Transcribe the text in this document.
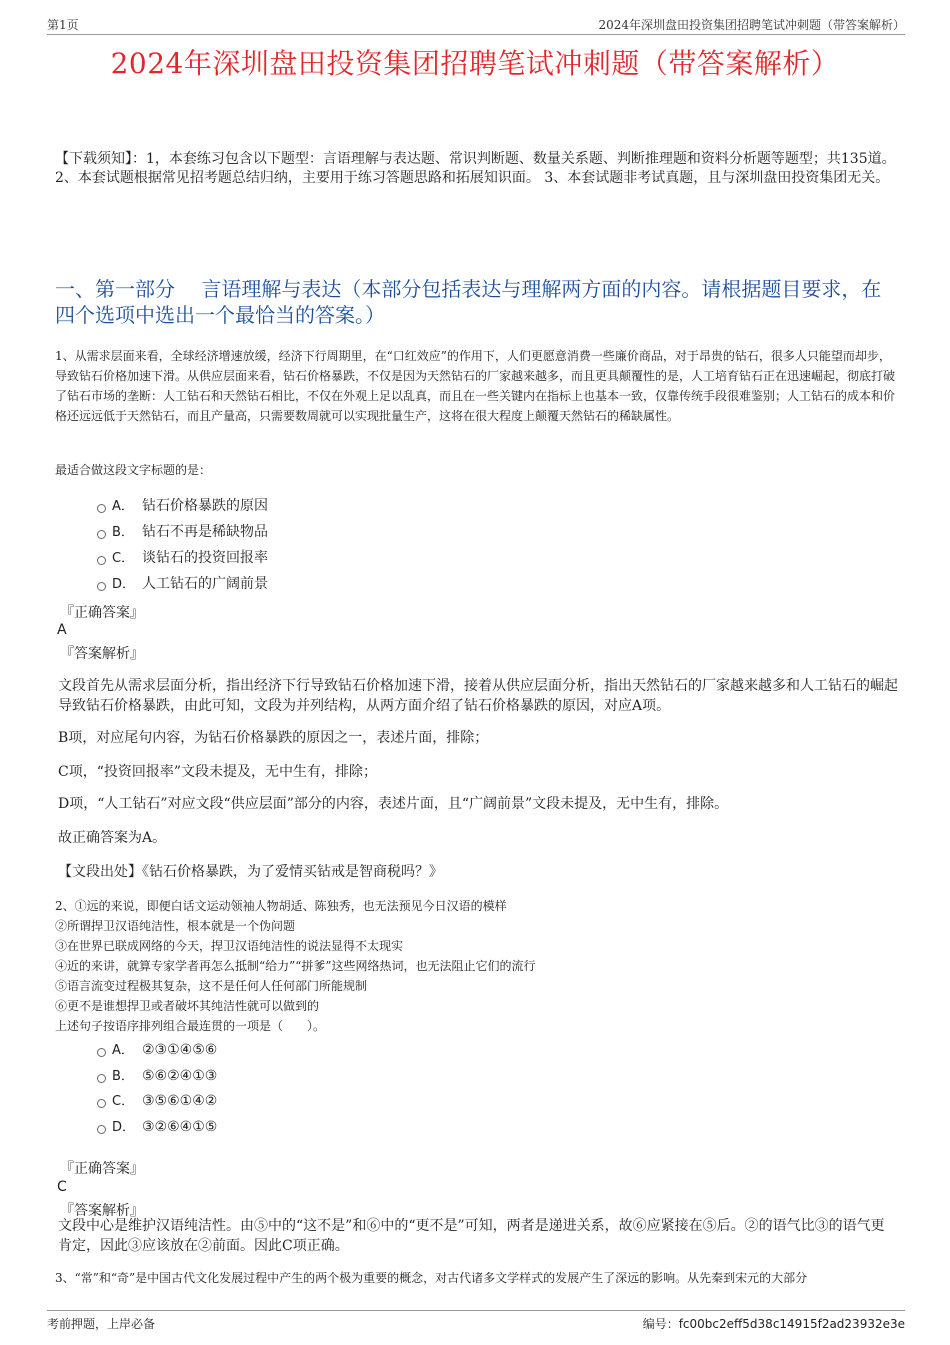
第1页	2024年深圳盘田投资集团招聘笔试冲刺题（带答案解析）
2024年深圳盘田投资集团招聘笔试冲刺题（带答案解析）
【下载须知】：1，本套练习包含以下题型：言语理解与表达题、常识判断题、数量关系题、判断推理题和资料分析题等题型；共135道。 2、本套试题根据常见招考题总结归纳，主要用于练习答题思路和拓展知识面。 3、本套试题非考试真题，且与深圳盘田投资集团无关。
一、第一部分　 言语理解与表达（本部分包括表达与理解两方面的内容。请根据题目要求，在四个选项中选出一个最恰当的答案。）
1、从需求层面来看，全球经济增速放缓，经济下行周期里，在“口红效应”的作用下，人们更愿意消费一些廉价商品，对于昂贵的钻石，很多人只能望而却步，导致钻石价格加速下滑。从供应层面来看，钻石价格暴跌，不仅是因为天然钻石的厂家越来越多，而且更具颠覆性的是，人工培育钻石正在迅速崛起，彻底打破了钻石市场的垄断：人工钻石和天然钻石相比，不仅在外观上足以乱真，而且在一些关键内在指标上也基本一致，仅靠传统手段很难鉴别；人工钻石的成本和价格还远远低于天然钻石，而且产量高，只需要数周就可以实现批量生产，这将在很大程度上颠覆天然钻石的稀缺属性。
最适合做这段文字标题的是：
A． 钻石价格暴跌的原因
B． 钻石不再是稀缺物品
C． 谈钻石的投资回报率
D． 人工钻石的广阔前景
『正确答案』
A
『答案解析』
文段首先从需求层面分析，指出经济下行导致钻石价格加速下滑，接着从供应层面分析，指出天然钻石的厂家越来越多和人工钻石的崛起导致钻石价格暴跌，由此可知，文段为并列结构，从两方面介绍了钻石价格暴跌的原因，对应A项。
B项，对应尾句内容，为钻石价格暴跌的原因之一，表述片面，排除；
C项，“投资回报率”文段未提及，无中生有，排除；
D项，“人工钻石”对应文段“供应层面”部分的内容，表述片面，且“广阔前景”文段未提及，无中生有，排除。
故正确答案为A。
【文段出处】《钻石价格暴跌，为了爱情买钻戒是智商税吗？》
2、①远的来说，即便白话文运动领袖人物胡适、陈独秀，也无法预见今日汉语的模样
②所谓捍卫汉语纯洁性，根本就是一个伪问题
③在世界已联成网络的今天，捍卫汉语纯洁性的说法显得不太现实
④近的来讲，就算专家学者再怎么抵制“给力”“拼爹”这些网络热词，也无法阻止它们的流行
⑤语言流变过程极其复杂，这不是任何人任何部门所能规制
⑥更不是谁想捍卫或者破坏其纯洁性就可以做到的
上述句子按语序排列组合最连贯的一项是（　　）。
A． ②③①④⑤⑥
B． ⑤⑥②④①③
C． ③⑤⑥①④②
D． ③②⑥④①⑤
『正确答案』
C
『答案解析』
文段中心是维护汉语纯洁性。由⑤中的“这不是”和⑥中的“更不是”可知，两者是递进关系，故⑥应紧接在⑤后。②的语气比③的语气更肯定，因此③应该放在②前面。因此C项正确。
3、“常”和“奇”是中国古代文化发展过程中产生的两个极为重要的概念，对古代诸多文学样式的发展产生了深远的影响。从先秦到宋元的大部分
考前押题，上岸必备	编号：fc00bc2eff5d38c14915f2ad23932e3e
